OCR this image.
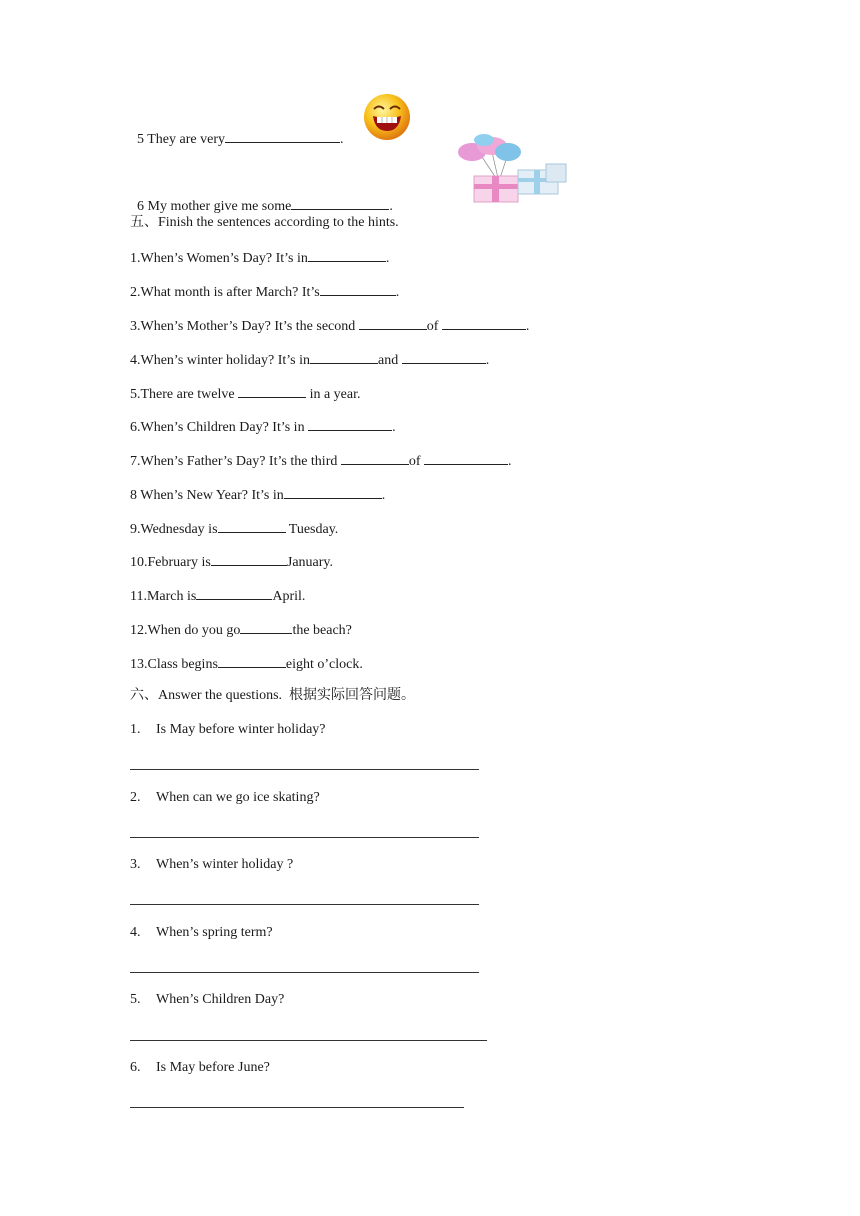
5 They are very	.

6 My mother give me some	.

五、Finish the sentences according to the hints.
1.When’s Women’s Day? It’s in	.
2.What month is after March? It’s	.
3.When’s Mother’s Day? It’s the second	of	.
4.When’s winter holiday? It’s in	and	.
5.There are twelve	in a year.
6.When’s Children Day? It’s in	.
7.When’s Father’s Day? It’s the third	of	.
8 When’s New Year? It’s in	.
9.Wednesday is	Tuesday.
10.February is	January.
11.March is	April.
12.When do you go	the beach?
13.Class begins	eight o’clock.
六、Answer the questions.  根据实际回答问题。
1. Is May before winter holiday?
2. When can we go ice skating?
3. When’s winter holiday ?
4. When’s spring term?
5. When’s Children Day?
6. Is May before June?
